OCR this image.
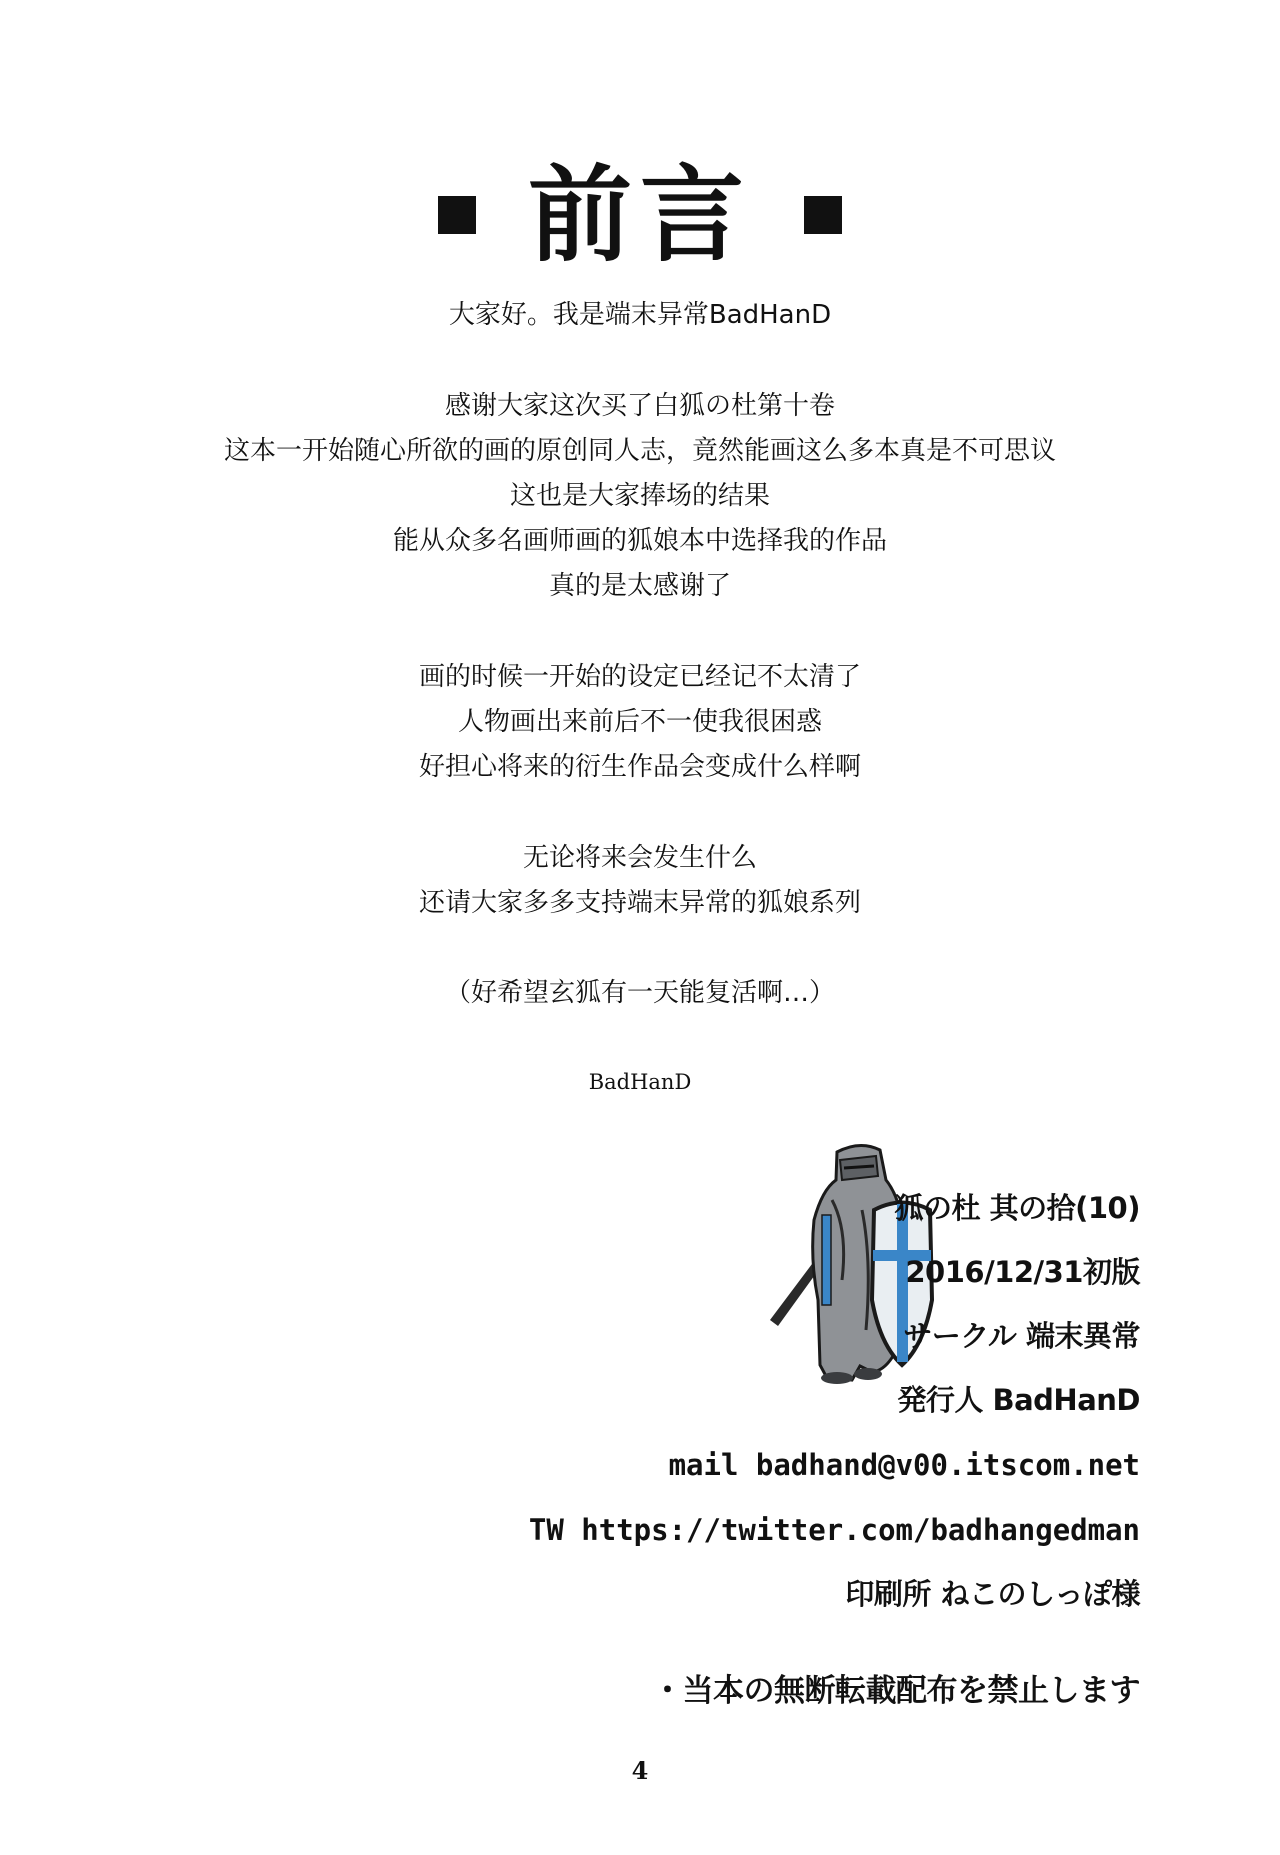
前言
大家好。我是端末异常BadHanD
感谢大家这次买了白狐の杜第十卷
这本一开始随心所欲的画的原创同人志，竟然能画这么多本真是不可思议
这也是大家捧场的结果
能从众多名画师画的狐娘本中选择我的作品
真的是太感谢了
画的时候一开始的设定已经记不太清了
人物画出来前后不一使我很困惑
好担心将来的衍生作品会变成什么样啊
无论将来会发生什么
还请大家多多支持端末异常的狐娘系列
（好希望玄狐有一天能复活啊…）
BadHanD
狐の杜 其の拾(10)
2016/12/31初版
サークル 端末異常
発行人 BadHanD
mail badhand@v00.itscom.net
TW https://twitter.com/badhangedman
印刷所 ねこのしっぽ様
・当本の無断転載配布を禁止します
4
